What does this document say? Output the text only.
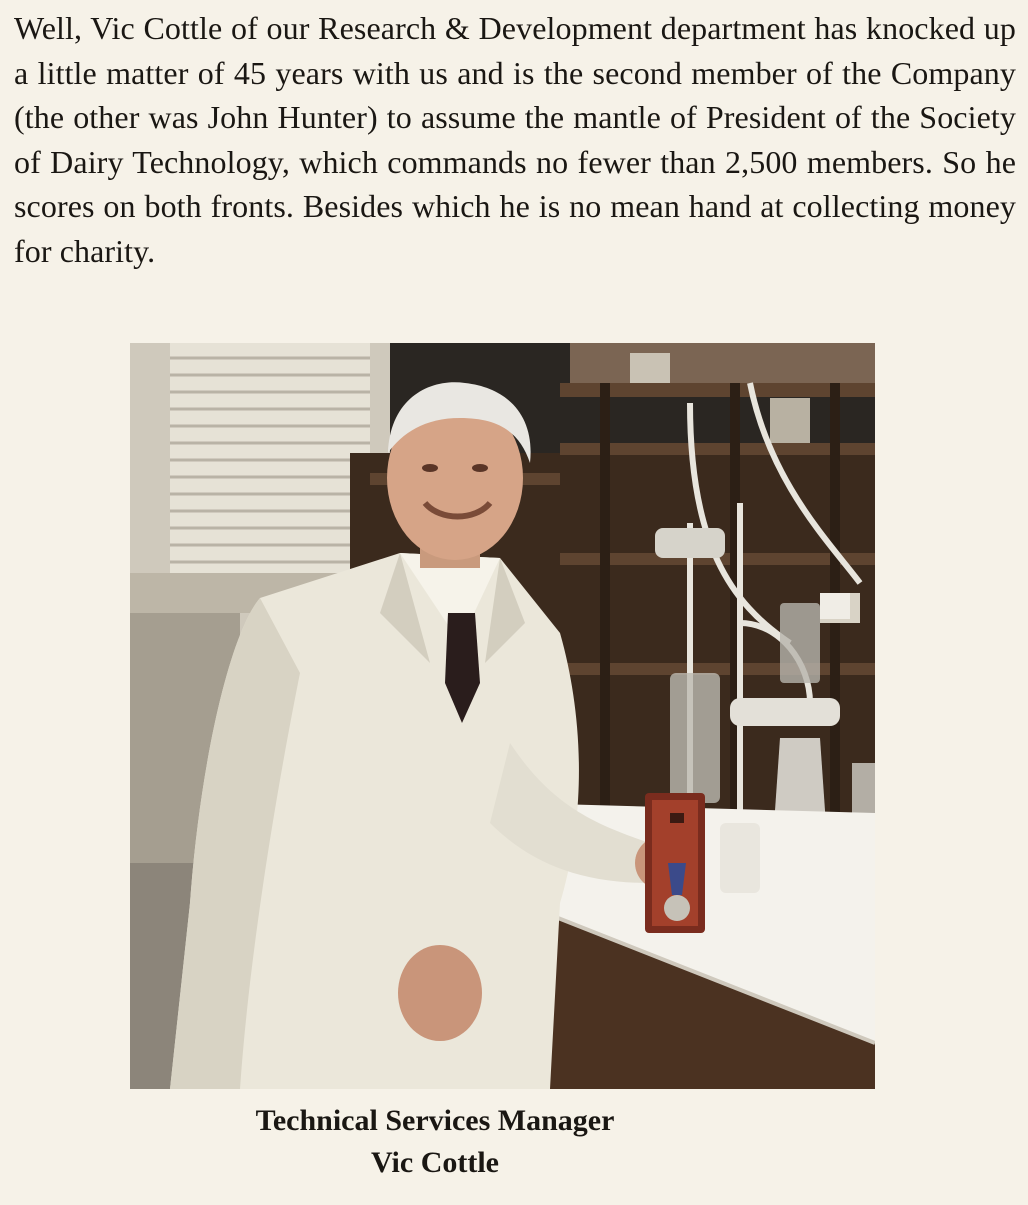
Well, Vic Cottle of our Research & Development department has knocked up a little matter of 45 years with us and is the second member of the Company (the other was John Hunter) to assume the mantle of President of the Society of Dairy Technology, which commands no fewer than 2,500 members. So he scores on both fronts. Besides which he is no mean hand at collecting money for charity.

Technical Services Manager
Vic Cottle
